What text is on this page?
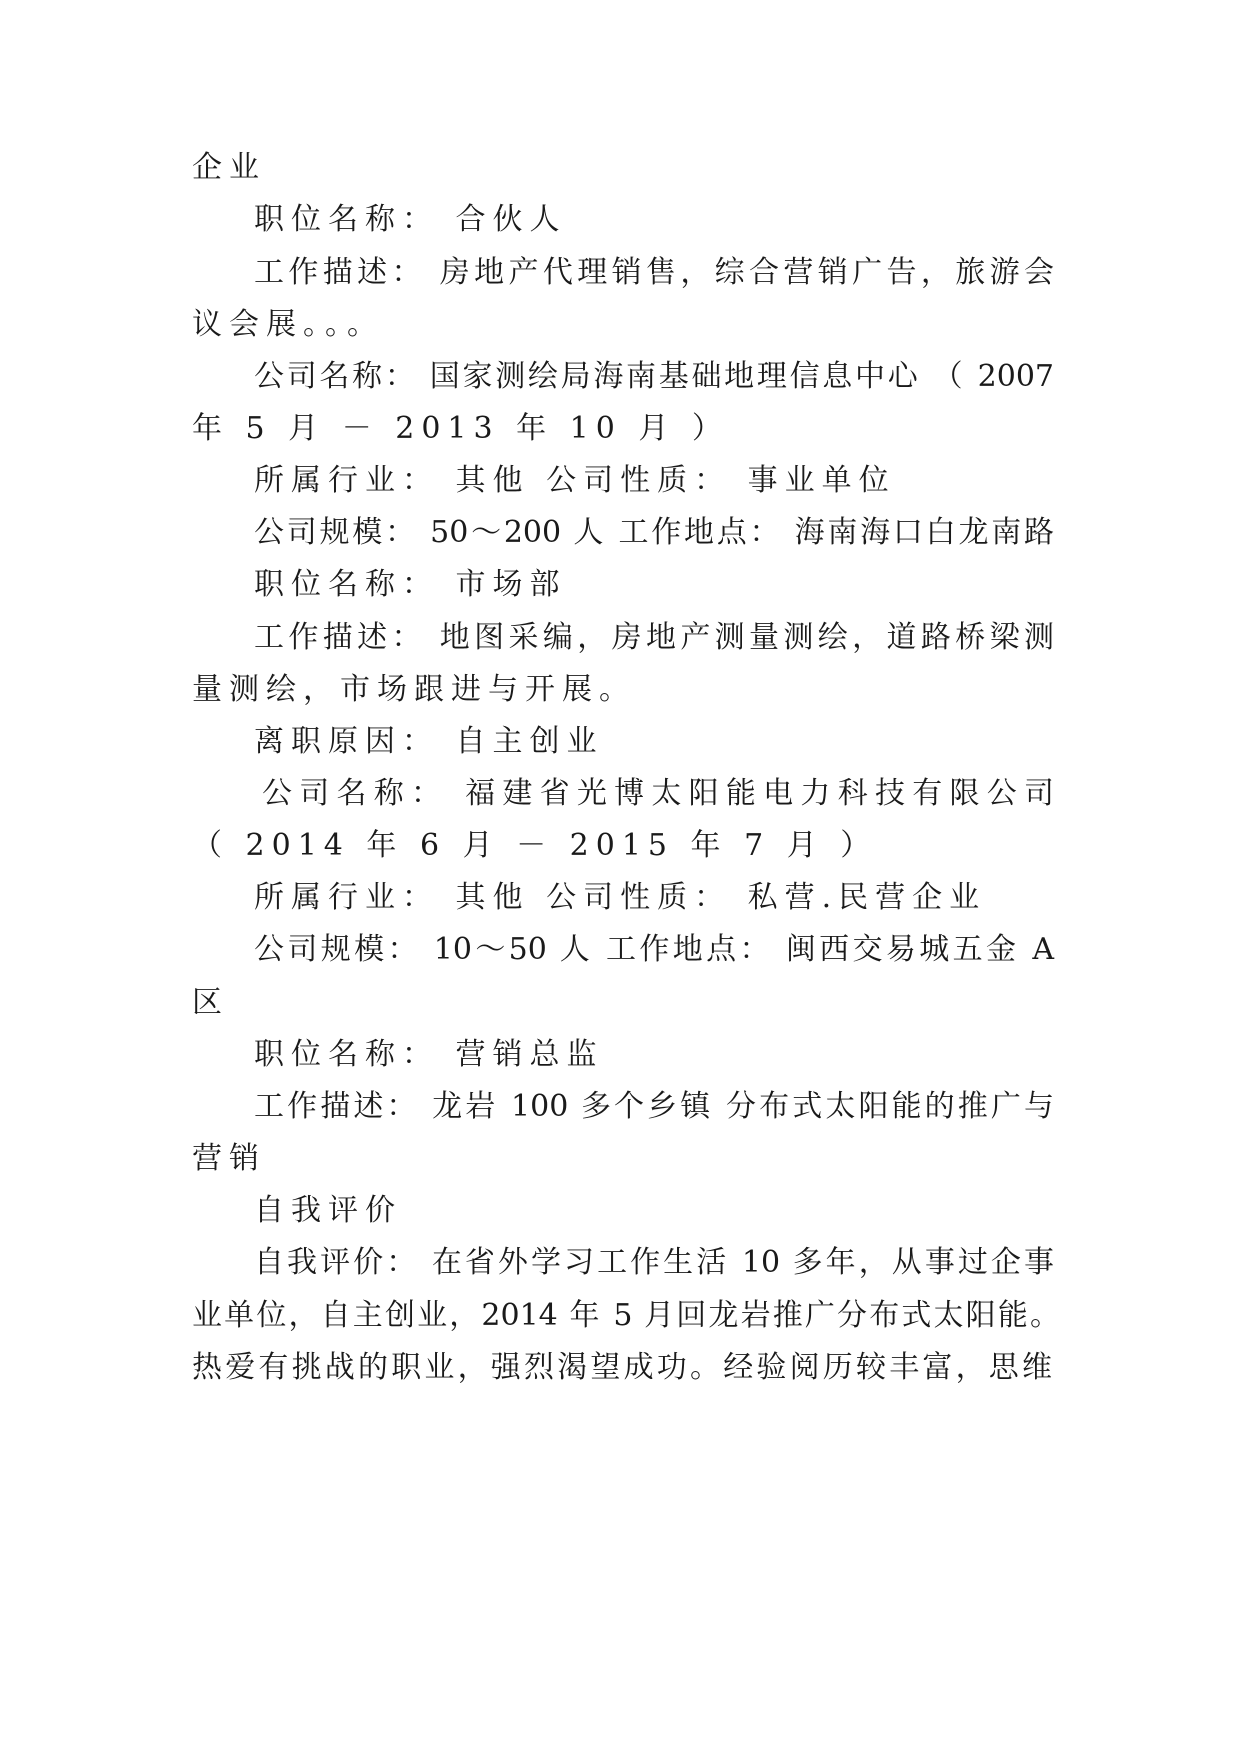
企业
职位名称： 合伙人
工作描述： 房地产代理销售，综合营销广告，旅游会
议会展。。。
公司名称： 国家测绘局海南基础地理信息中心 （ 2007
年 5 月 － 2013 年 10 月 ）
所属行业： 其他 公司性质： 事业单位
公司规模： 50～200 人 工作地点： 海南海口白龙南路
职位名称： 市场部
工作描述： 地图采编，房地产测量测绘，道路桥梁测
量测绘，市场跟进与开展。
离职原因： 自主创业
公司名称： 福建省光博太阳能电力科技有限公司
（ 2014 年 6 月 － 2015 年 7 月 ）
所属行业： 其他 公司性质： 私营.民营企业
公司规模： 10～50 人 工作地点： 闽西交易城五金 A
区
职位名称： 营销总监
工作描述： 龙岩 100 多个乡镇 分布式太阳能的推广与
营销
自我评价
自我评价： 在省外学习工作生活 10 多年，从事过企事
业单位，自主创业，2014 年 5 月回龙岩推广分布式太阳能。
热爱有挑战的职业，强烈渴望成功。经验阅历较丰富，思维
